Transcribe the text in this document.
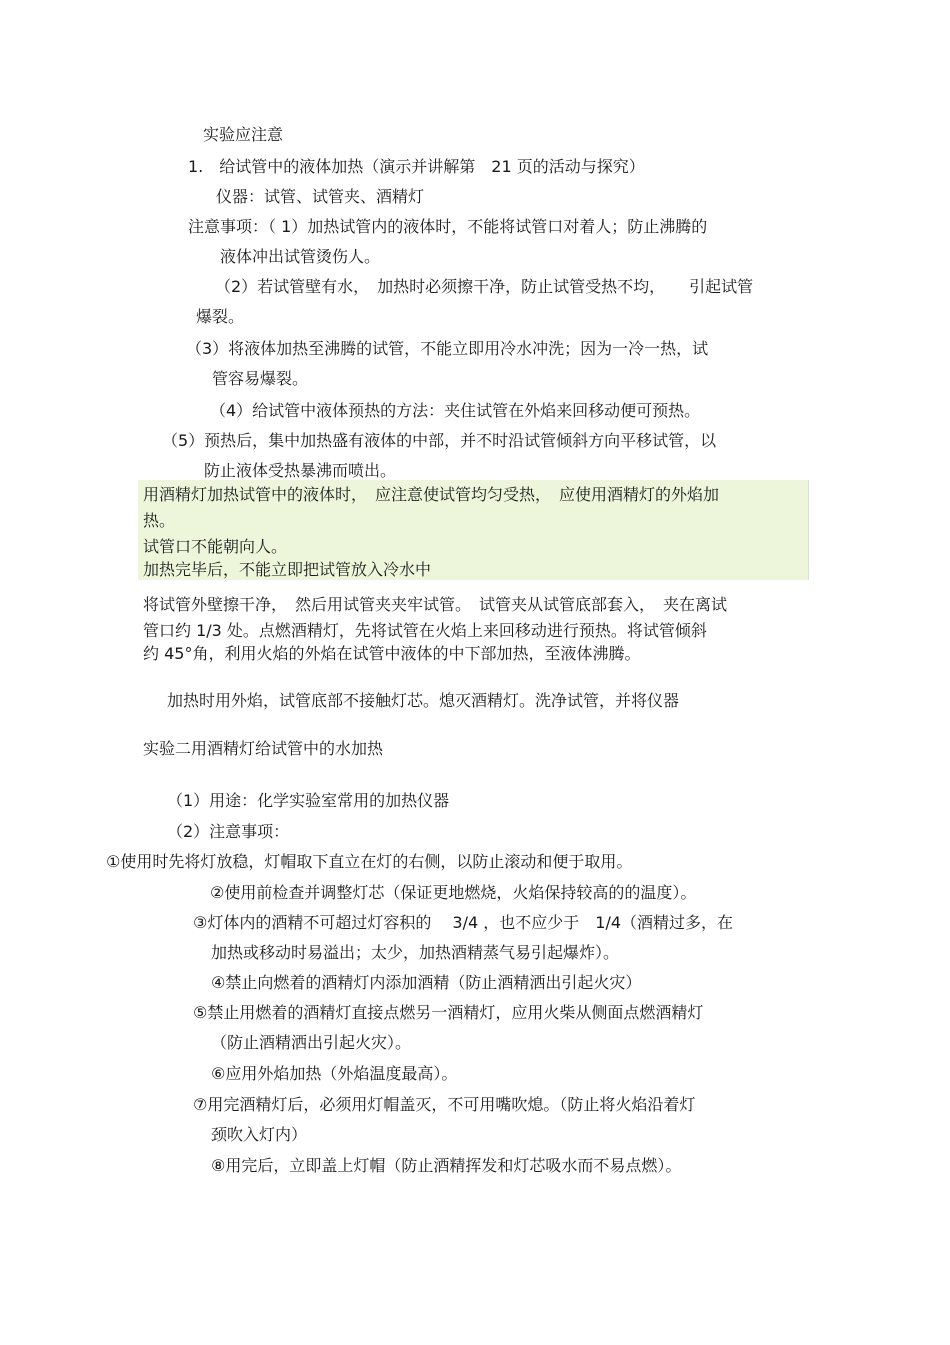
实验应注意
1.　给试管中的液体加热（演示并讲解第　21 页的活动与探究）
仪器：试管、试管夹、酒精灯
注意事项：（ 1）加热试管内的液体时，不能将试管口对着人；防止沸腾的
液体冲出试管烫伤人。
（2）若试管壁有水，　加热时必须擦干净，防止试管受热不均，　　引起试管
爆裂。
（3）将液体加热至沸腾的试管，不能立即用冷水冲洗；因为一冷一热，试
管容易爆裂。
（4）给试管中液体预热的方法：夹住试管在外焰来回移动便可预热。
（5）预热后，集中加热盛有液体的中部，并不时沿试管倾斜方向平移试管，以
防止液体受热暴沸而喷出。
用酒精灯加热试管中的液体时，　应注意使试管均匀受热，　应使用酒精灯的外焰加
热。
试管口不能朝向人。
加热完毕后，不能立即把试管放入冷水中
将试管外壁擦干净，　然后用试管夹夹牢试管。　试管夹从试管底部套入，　夹在离试
管口约 1/3 处。点燃酒精灯，先将试管在火焰上来回移动进行预热。将试管倾斜
约 45°角，利用火焰的外焰在试管中液体的中下部加热，至液体沸腾。
加热时用外焰，试管底部不接触灯芯。熄灭酒精灯。洗净试管，并将仪器
实验二用酒精灯给试管中的水加热
（1）用途：化学实验室常用的加热仪器
（2）注意事项：
①使用时先将灯放稳，灯帽取下直立在灯的右侧，以防止滚动和便于取用。
②使用前检查并调整灯芯（保证更地燃烧，火焰保持较高的的温度）。
③灯体内的酒精不可超过灯容积的　 3/4 ，也不应少于　1/4（酒精过多，在
加热或移动时易溢出；太少，加热酒精蒸气易引起爆炸）。
④禁止向燃着的酒精灯内添加酒精（防止酒精洒出引起火灾）
⑤禁止用燃着的酒精灯直接点燃另一酒精灯，应用火柴从侧面点燃酒精灯
（防止酒精洒出引起火灾）。
⑥应用外焰加热（外焰温度最高）。
⑦用完酒精灯后，必须用灯帽盖灭，不可用嘴吹熄。（防止将火焰沿着灯
颈吹入灯内）
⑧用完后，立即盖上灯帽（防止酒精挥发和灯芯吸水而不易点燃）。
